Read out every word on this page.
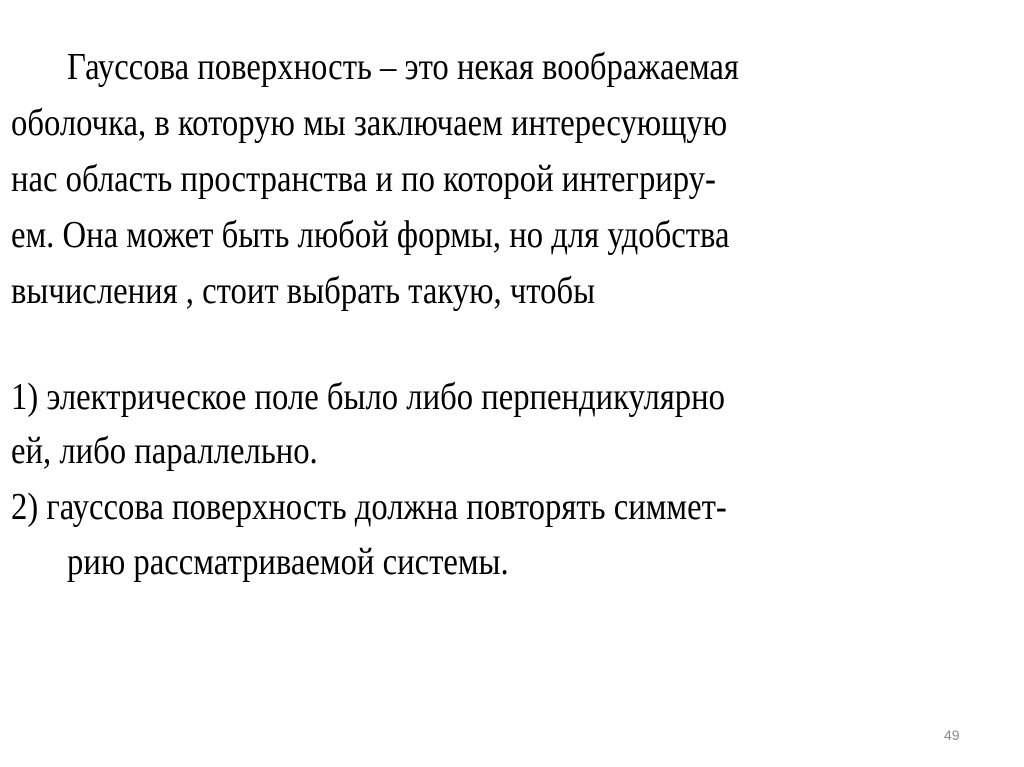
Гауссова поверхность – это некая воображаемая
оболочка, в которую мы заключаем интересующую
нас область пространства и по которой интегриру-
ем. Она может быть любой формы, но для удобства
вычисления , стоит выбрать такую, чтобы
1) электрическое поле было либо перпендикулярно
ей, либо параллельно.
2) гауссова поверхность должна повторять симмет-
рию рассматриваемой системы.
49
